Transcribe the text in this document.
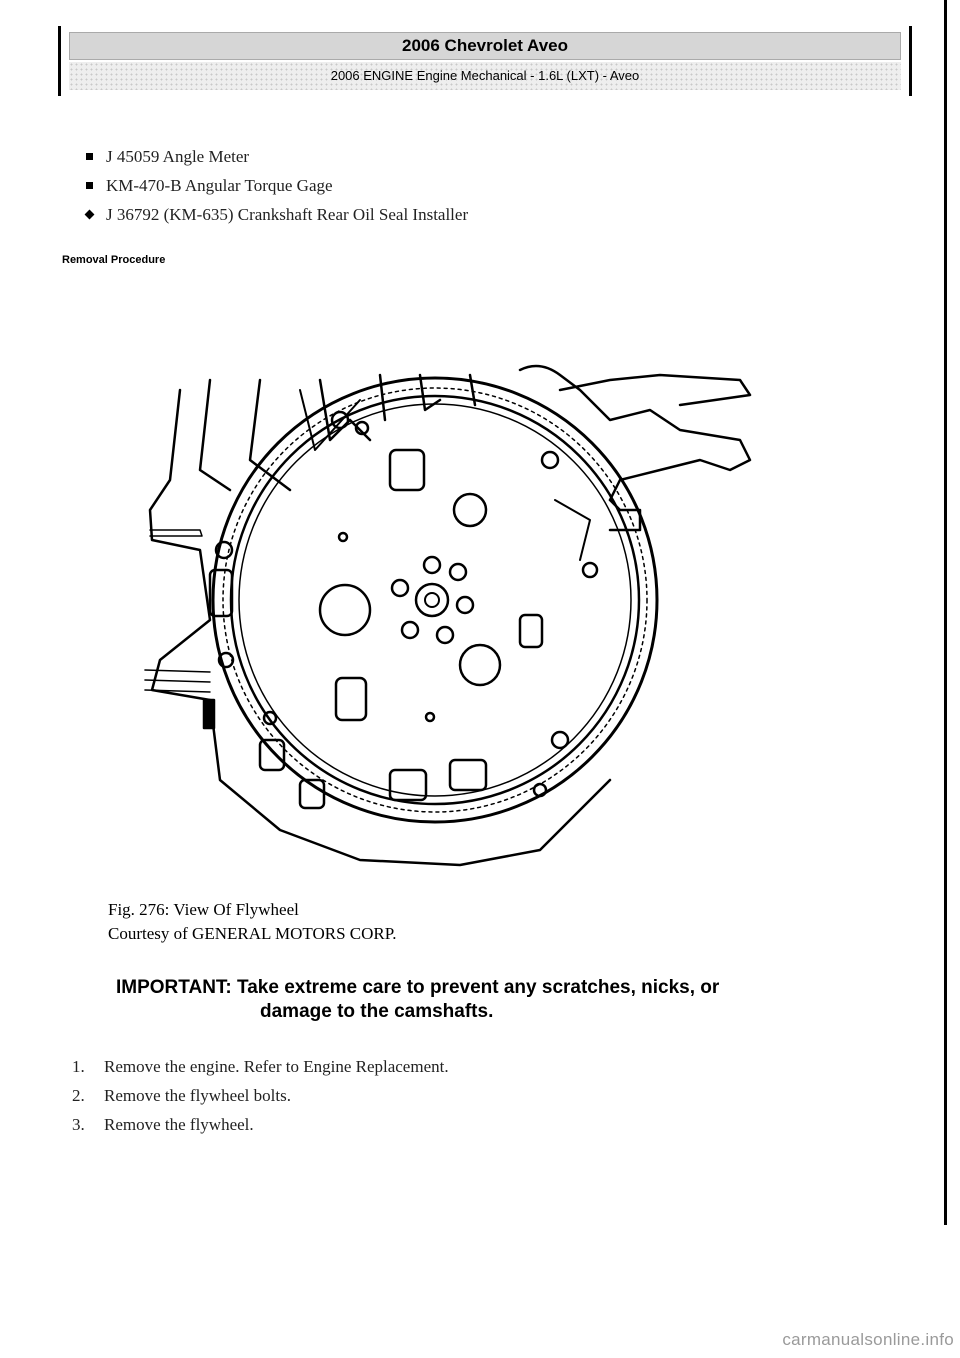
2006 Chevrolet Aveo
2006 ENGINE Engine Mechanical - 1.6L (LXT) - Aveo
J 45059 Angle Meter
KM-470-B Angular Torque Gage
J 36792 (KM-635) Crankshaft Rear Oil Seal Installer
Removal Procedure
Fig. 276: View Of Flywheel
Courtesy of GENERAL MOTORS CORP.
IMPORTANT: Take extreme care to prevent any scratches, nicks, or
damage to the camshafts.
1. Remove the engine. Refer to Engine Replacement.
2. Remove the flywheel bolts.
3. Remove the flywheel.
carmanualsonline.info
